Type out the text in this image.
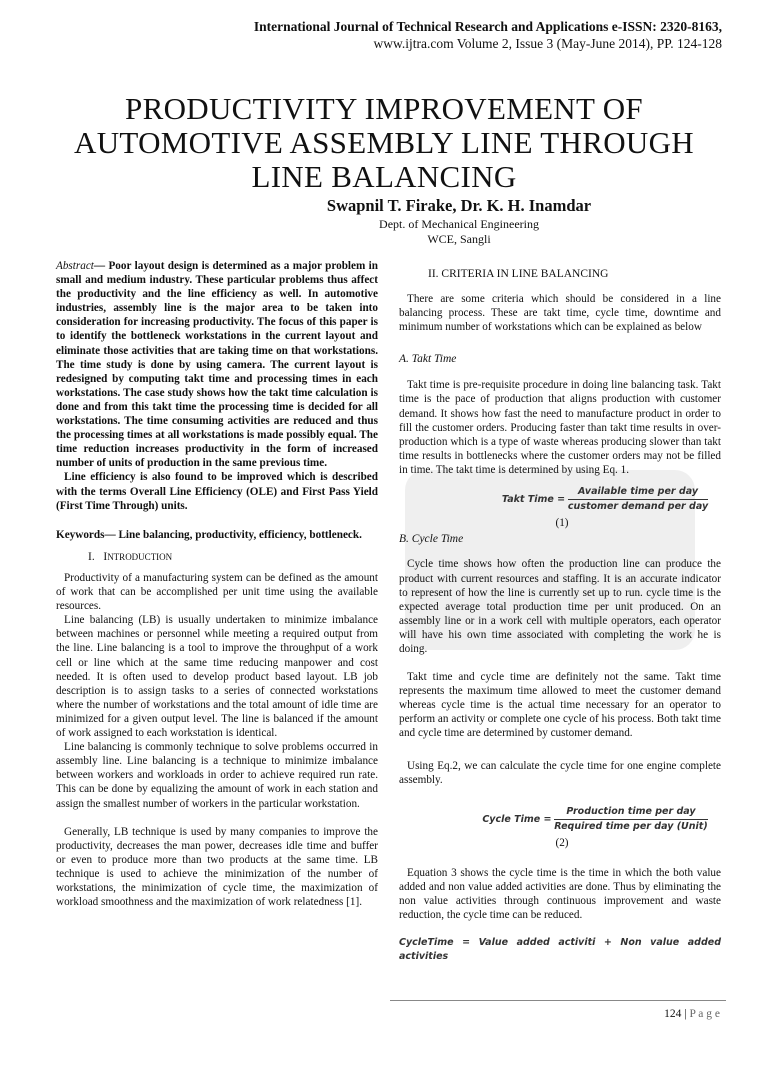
International Journal of Technical Research and Applications e-ISSN: 2320-8163,
www.ijtra.com Volume 2, Issue 3 (May-June 2014), PP. 124-128
PRODUCTIVITY IMPROVEMENT OF
AUTOMOTIVE ASSEMBLY LINE THROUGH
LINE BALANCING
Swapnil T. Firake, Dr. K. H. Inamdar
Dept. of Mechanical Engineering
WCE, Sangli

Abstract— Poor layout design is determined as a major problem in small and medium industry. These particular problems thus affect the productivity and the line efficiency as well. In automotive industries, assembly line is the major area to be taken into consideration for increasing productivity. The focus of this paper is to identify the bottleneck workstations in the current layout and eliminate those activities that are taking time on that workstations. The time study is done by using camera. The current layout is redesigned by computing takt time and processing times in each workstations. The case study shows how the takt time calculation is done and from this takt time the processing time is decided for all workstations. The time consuming activities are reduced and thus the processing times at all workstations is made possibly equal. The time reduction increases productivity in the form of increased number of units of production in the same previous time.

Line efficiency is also found to be improved which is described with the terms Overall Line Efficiency (OLE) and First Pass Yield (First Time Through) units.

Keywords— Line balancing, productivity, efficiency, bottleneck.
I. INTRODUCTION

Productivity of a manufacturing system can be defined as the amount of work that can be accomplished per unit time using the available resources.

Line balancing (LB) is usually undertaken to minimize imbalance between machines or personnel while meeting a required output from the line. Line balancing is a tool to improve the throughput of a work cell or line which at the same time reducing manpower and cost needed. It is often used to develop product based layout. LB job description is to assign tasks to a series of connected workstations where the number of workstations and the total amount of idle time are minimized for a given output level. The line is balanced if the amount of work assigned to each workstation is identical.

Line balancing is commonly technique to solve problems occurred in assembly line. Line balancing is a technique to minimize imbalance between workers and workloads in order to achieve required run rate. This can be done by equalizing the amount of work in each station and assign the smallest number of workers in the particular workstation.

Generally, LB technique is used by many companies to improve the productivity, decreases the man power, decreases idle time and buffer or even to produce more than two products at the same time. LB technique is used to achieve the minimization of the number of workstations, the minimization of cycle time, the maximization of workload smoothness and the maximization of work relatedness [1].

II. CRITERIA IN LINE BALANCING

There are some criteria which should be considered in a line balancing process. These are takt time, cycle time, downtime and minimum number of workstations which can be explained as below

A. Takt Time

Takt time is pre-requisite procedure in doing line balancing task. Takt time is the pace of production that aligns production with customer demand. It shows how fast the need to manufacture product in order to fill the customer orders. Producing faster than takt time results in over-production which is a type of waste whereas producing slower than takt time results in bottlenecks where the customer orders may not be filled in time. The takt time is determined by using Eq. 1.

Takt Time = $\frac{\text{Available time per day}}{\text{customer demand per day}}$
(1)

B. Cycle Time

Cycle time shows how often the production line can produce the product with current resources and staffing. It is an accurate indicator to represent of how the line is currently set up to run. cycle time is the expected average total production time per unit produced. On an assembly line or in a work cell with multiple operators, each operator will have his own time associated with completing the work he is doing.

Takt time and cycle time are definitely not the same. Takt time represents the maximum time allowed to meet the customer demand whereas cycle time is the actual time necessary for an operator to perform an activity or complete one cycle of his process. Both takt time and cycle time are determined by customer demand.

Using Eq.2, we can calculate the cycle time for one engine complete assembly.

Cycle Time = $\frac{\text{Production time per day}}{\text{Required time per day (Unit)}}$
(2)

Equation 3 shows the cycle time is the time in which the both value added and non value added activities are done. Thus by eliminating the non value activities through continuous improvement and waste reduction, the cycle time can be reduced.

CycleTime = Value added activiti + Non value added activities
124 | P a g e
